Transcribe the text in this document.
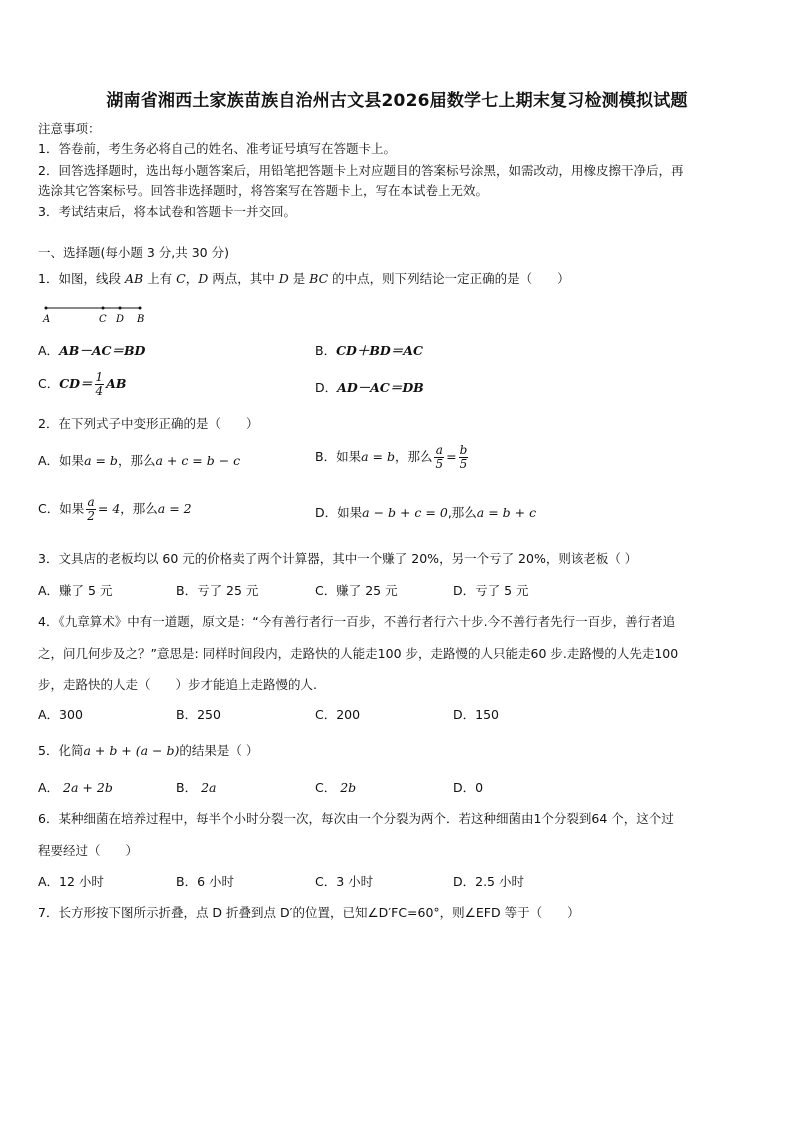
湖南省湘西土家族苗族自治州古文县2026届数学七上期末复习检测模拟试题
注意事项：
1．答卷前，考生务必将自己的姓名、准考证号填写在答题卡上。
2．回答选择题时，选出每小题答案后，用铅笔把答题卡上对应题目的答案标号涂黑，如需改动，用橡皮擦干净后，再
选涂其它答案标号。回答非选择题时，将答案写在答题卡上，写在本试卷上无效。
3．考试结束后，将本试卷和答题卡一并交回。
一、选择题(每小题 3 分,共 30 分)
1．如图，线段 AB 上有 C，D 两点，其中 D 是 BC 的中点，则下列结论一定正确的是（　　）
A	C D B
A．AB－AC＝BD	B．CD＋BD＝AC
C．$CD= \frac{1}{4}$ AB	D．AD－AC＝DB
2．在下列式子中变形正确的是（　　）
A．如果a = b，那么a + c = b − c	B．如果a = b，那么 $\frac{a}{5} = \frac{b}{5}$
C．如果 $\frac{a}{2} = 4$，那么a = 2	D．如果a − b + c = 0,那么a = b + c
3．文具店的老板均以 60 元的价格卖了两个计算器，其中一个赚了 20%，另一个亏了 20%，则该老板（ ）
A．赚了 5 元	B．亏了 25 元	C．赚了 25 元	D．亏了 5 元
4．《九章算术》中有一道题，原文是：“今有善行者行一百步，不善行者行六十步.今不善行者先行一百步，善行者追
之，问几何步及之？”意思是: 同样时间段内，走路快的人能走100 步，走路慢的人只能走60 步.走路慢的人先走100
步，走路快的人走（　　）步才能追上走路慢的人.
A．300	B．250	C．200	D．150
5．化简a + b + (a − b)的结果是（ ）
A． 2a + 2b	B． 2a	C． 2b	D．0
6．某种细菌在培养过程中，每半个小时分裂一次，每次由一个分裂为两个．若这种细菌由1个分裂到64 个，这个过
程要经过（　　）
A．12 小时	B．6 小时	C．3 小时	D．2.5 小时
7．长方形按下图所示折叠，点 D 折叠到点 D′的位置，已知∠D′FC=60°，则∠EFD 等于（　　）
